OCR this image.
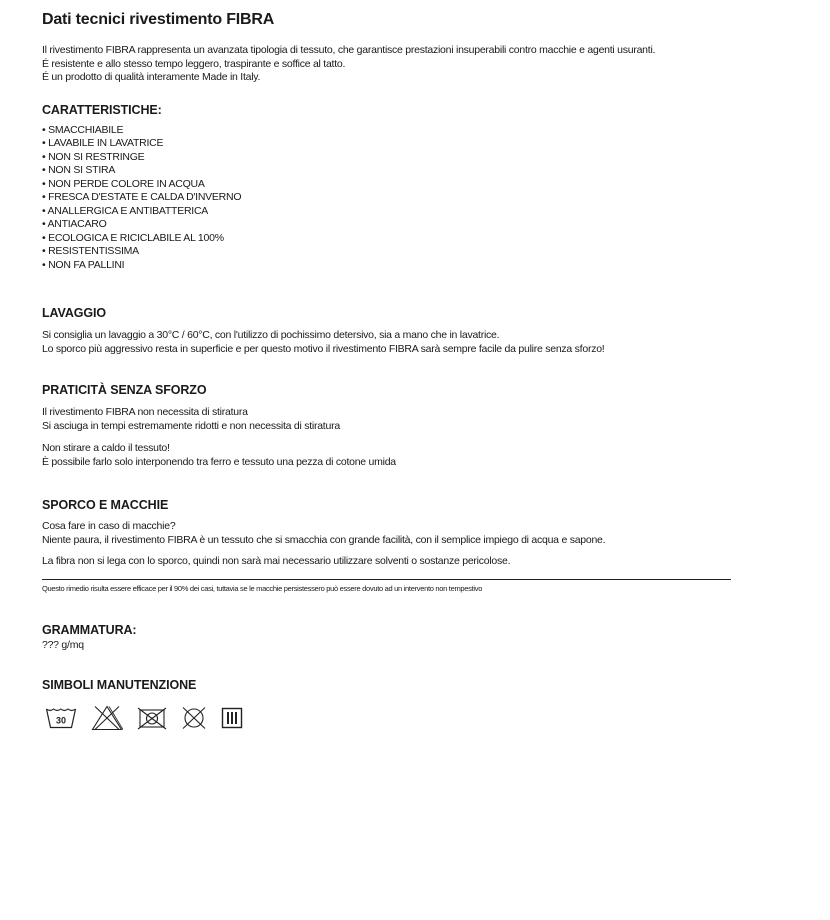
Dati tecnici rivestimento FIBRA

Il rivestimento FIBRA rappresenta un avanzata tipologia di tessuto, che garantisce prestazioni insuperabili contro macchie e agenti usuranti.

É resistente e allo stesso tempo leggero, traspirante e soffice al tatto.

É un prodotto di qualità interamente Made in Italy.

CARATTERISTICHE:
• SMACCHIABILE
• LAVABILE IN LAVATRICE
• NON SI RESTRINGE
• NON SI STIRA
• NON PERDE COLORE IN ACQUA
• FRESCA D'ESTATE E CALDA D'INVERNO
• ANALLERGICA E ANTIBATTERICA
• ANTIACARO
• ECOLOGICA E RICICLABILE AL 100%
• RESISTENTISSIMA
• NON FA PALLINI
LAVAGGIO

Si consiglia un lavaggio a 30°C / 60°C, con l'utilizzo di pochissimo detersivo, sia a mano che in lavatrice.

Lo sporco più aggressivo resta in superficie e per questo motivo il rivestimento FIBRA sarà sempre facile da pulire senza sforzo!

PRATICITÀ SENZA SFORZO

Il rivestimento FIBRA non necessita di stiratura

Si asciuga in tempi estremamente ridotti e non necessita di stiratura

Non stirare a caldo il tessuto!

È possibile farlo solo interponendo tra ferro e tessuto una pezza di cotone umida

SPORCO E MACCHIE

Cosa fare in caso di macchie?

Niente paura, il rivestimento FIBRA è un tessuto che si smacchia con grande facilità, con il semplice impiego di acqua e sapone.

La fibra non si lega con lo sporco, quindi non sarà mai necessario utilizzare solventi o sostanze pericolose.

Questo rimedio risulta essere efficace per il 90% dei casi, tuttavia se le macchie persistessero può essere dovuto ad un intervento non tempestivo

GRAMMATURA:

??? g/mq

SIMBOLI MANUTENZIONE
30
